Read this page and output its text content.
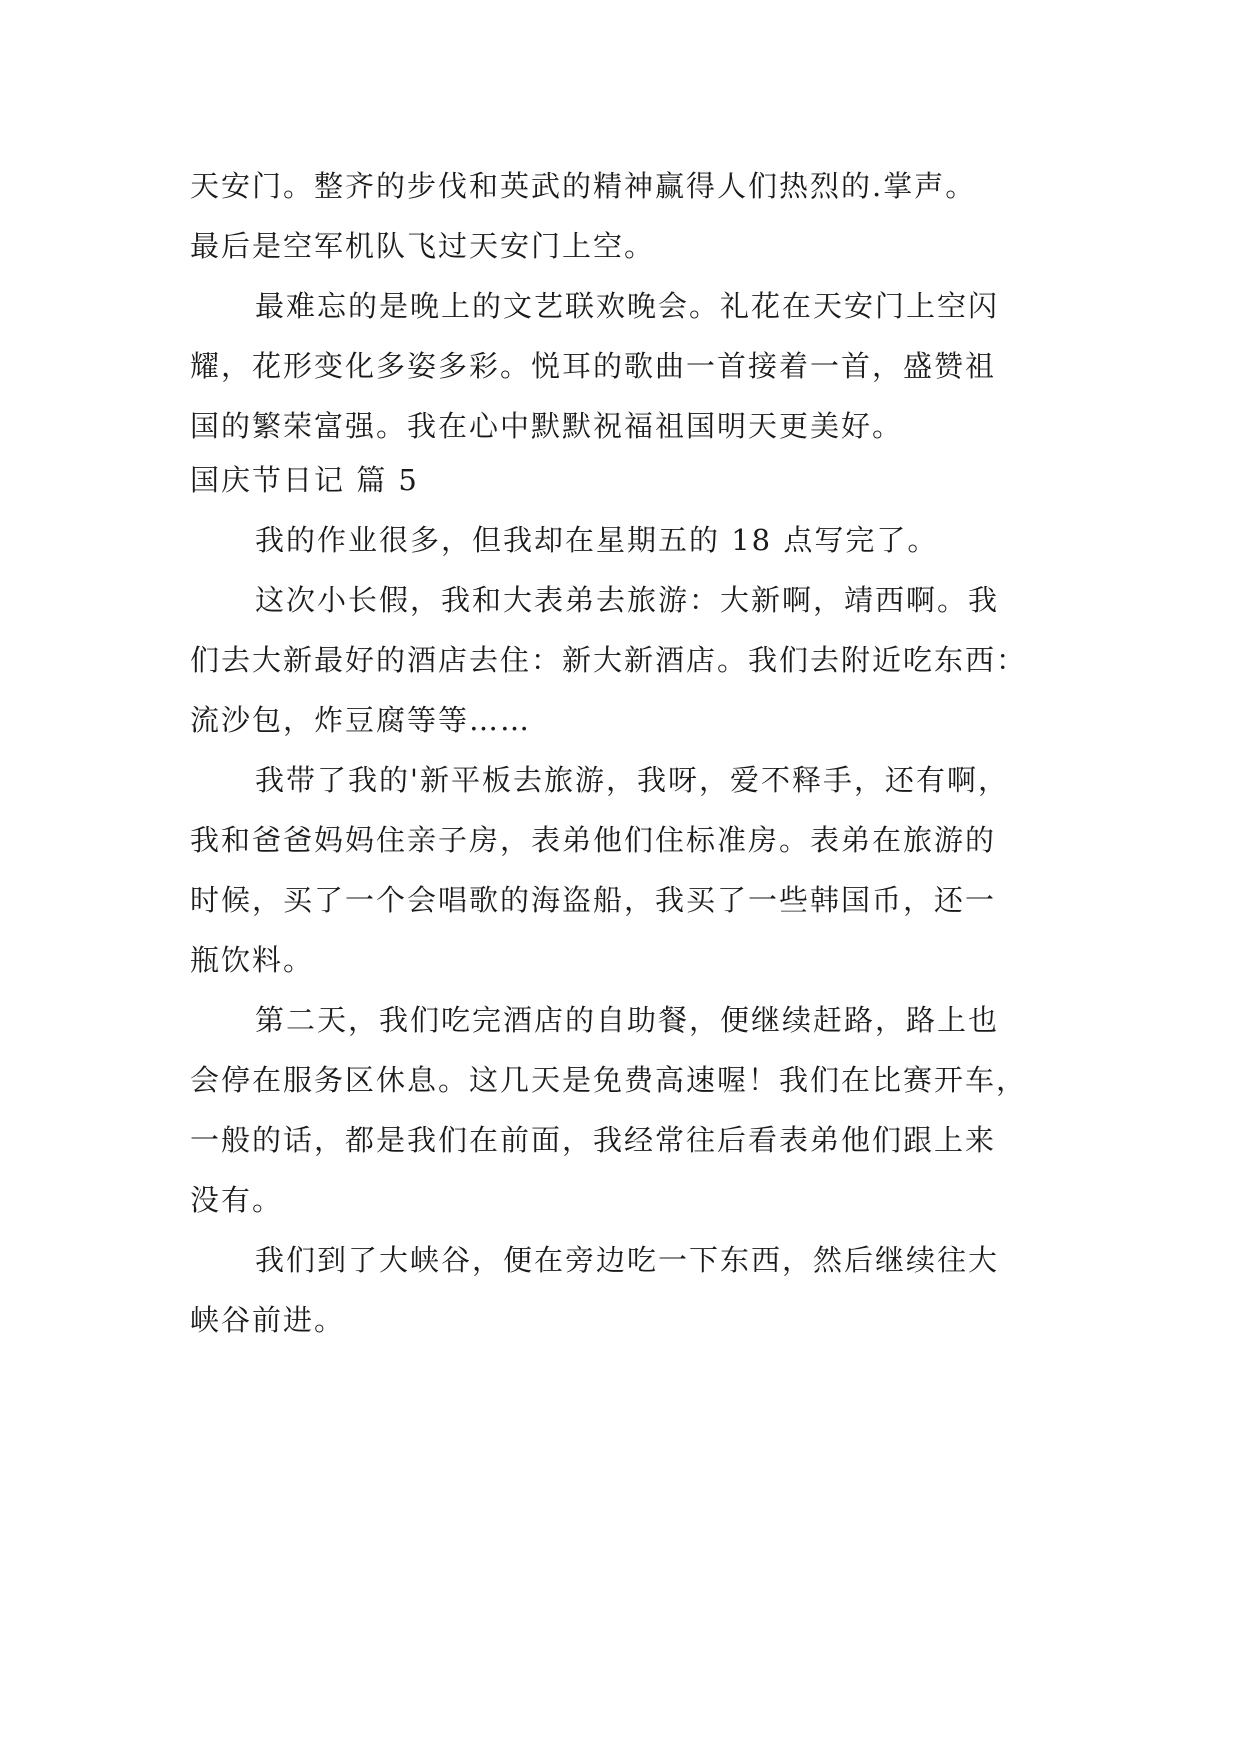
天安门。整齐的步伐和英武的精神赢得人们热烈的.掌声。
最后是空军机队飞过天安门上空。
最难忘的是晚上的文艺联欢晚会。礼花在天安门上空闪
耀，花形变化多姿多彩。悦耳的歌曲一首接着一首，盛赞祖
国的繁荣富强。我在心中默默祝福祖国明天更美好。
国庆节日记 篇 5
我的作业很多，但我却在星期五的 18 点写完了。
这次小长假，我和大表弟去旅游：大新啊，靖西啊。我
们去大新最好的酒店去住：新大新酒店。我们去附近吃东西：
流沙包，炸豆腐等等……
我带了我的'新平板去旅游，我呀，爱不释手，还有啊，
我和爸爸妈妈住亲子房，表弟他们住标准房。表弟在旅游的
时候，买了一个会唱歌的海盗船，我买了一些韩国币，还一
瓶饮料。
第二天，我们吃完酒店的自助餐，便继续赶路，路上也
会停在服务区休息。这几天是免费高速喔！我们在比赛开车，
一般的话，都是我们在前面，我经常往后看表弟他们跟上来
没有。
我们到了大峡谷，便在旁边吃一下东西，然后继续往大
峡谷前进。
